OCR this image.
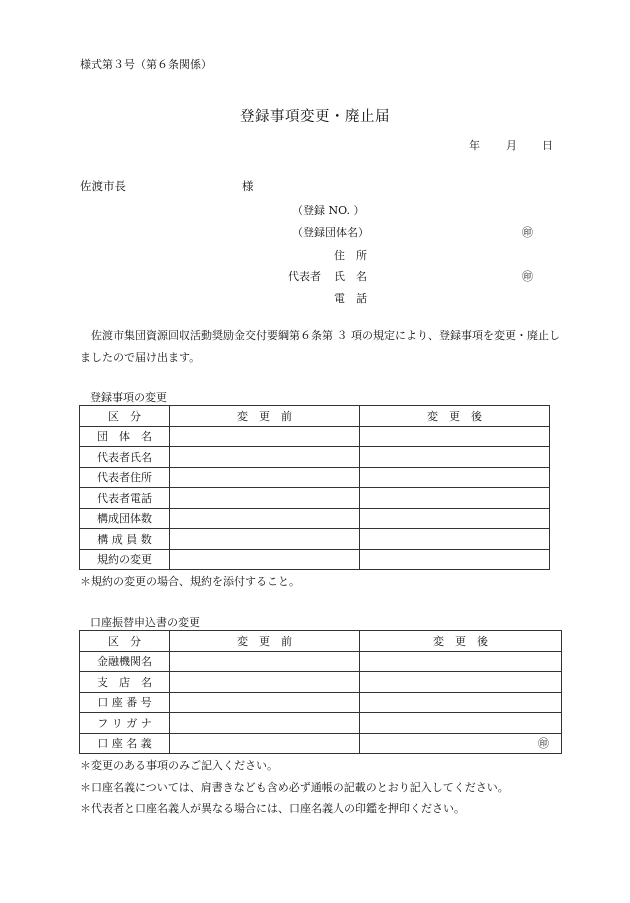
様式第３号（第６条関係）
登録事項変更・廃止届
年 月 日
佐渡市長	様
（登録 NO. ）
（登録団体名）	㊞
住　所
代表者 氏　名	㊞
電　話
佐渡市集団資源回収活動奨励金交付要綱第６条第 ３ 項の規定により、登録事項を変更・廃止しましたので届け出ます。
登録事項の変更
区　分	変　更　前	変　更　後
団　体　名		
代表者氏名		
代表者住所		
代表者電話		
構成団体数		
構 成 員 数		
規約の変更		
＊規約の変更の場合、規約を添付すること。
口座振替申込書の変更
区　分	変　更　前	変　更　後
金融機関名		
支　店　名		
口 座 番 号		
フ リ ガ ナ		
口 座 名 義		㊞
＊変更のある事項のみご記入ください。
＊口座名義については、肩書きなども含め必ず通帳の記載のとおり記入してください。
＊代表者と口座名義人が異なる場合には、口座名義人の印鑑を押印ください。
